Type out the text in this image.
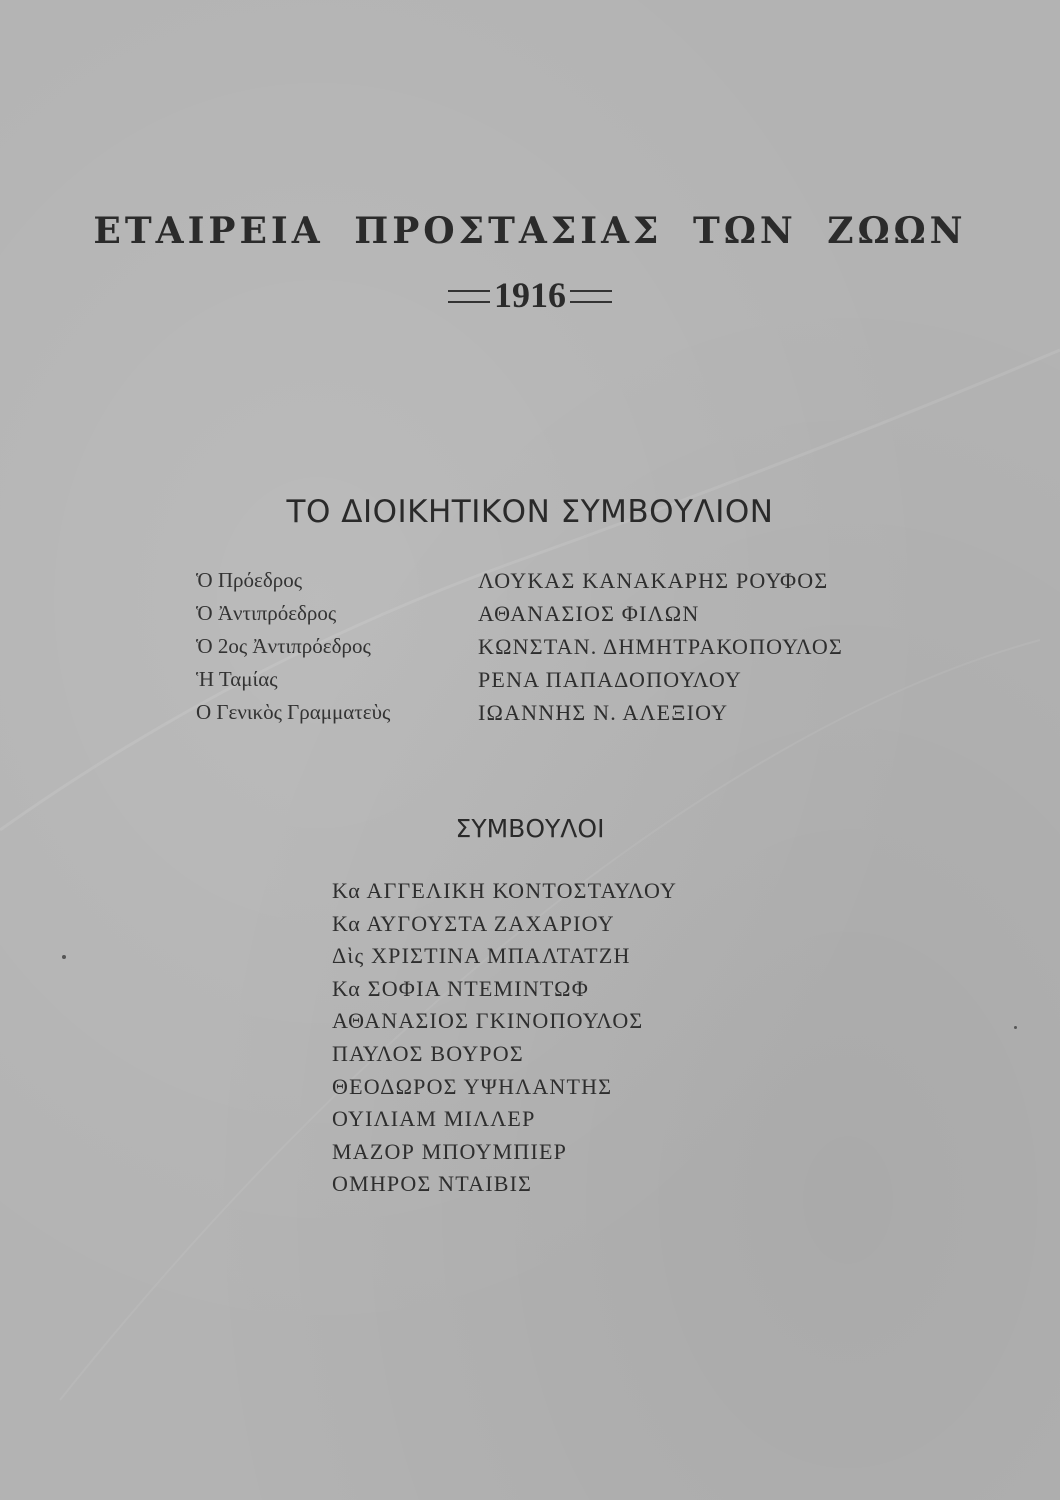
ΕΤΑΙΡΕΙΑ ΠΡΟΣΤΑΣΙΑΣ ΤΩΝ ΖΩΩΝ
1916
ΤΟ ΔΙΟΙΚΗΤΙΚΟΝ ΣΥΜΒΟΥΛΙΟΝ
Ὁ Πρόεδρος	ΛΟΥΚΑΣ ΚΑΝΑΚΑΡΗΣ ΡΟΥΦΟΣ
Ὁ Ἀντιπρόεδρος	ΑΘΑΝΑΣΙΟΣ ΦΙΛΩΝ
Ὁ 2ος Ἀντιπρόεδρος	ΚΩΝΣΤΑΝ. ΔΗΜΗΤΡΑΚΟΠΟΥΛΟΣ
Ἡ Ταμίας	ΡΕΝΑ ΠΑΠΑΔΟΠΟΥΛΟΥ
Ο Γενικὸς Γραμματεὺς	ΙΩΑΝΝΗΣ Ν. ΑΛΕΞΙΟΥ
ΣΥΜΒΟΥΛΟΙ
Κα ΑΓΓΕΛΙΚΗ ΚΟΝΤΟΣΤΑΥΛΟΥ
Κα ΑΥΓΟΥΣΤΑ ΖΑΧΑΡΙΟΥ
Δὶς ΧΡΙΣΤΙΝΑ ΜΠΑΛΤΑΤΖΗ
Κα ΣΟΦΙΑ ΝΤΕΜΙΝΤΩΦ
ΑΘΑΝΑΣΙΟΣ ΓΚΙΝΟΠΟΥΛΟΣ
ΠΑΥΛΟΣ ΒΟΥΡΟΣ
ΘΕΟΔΩΡΟΣ ΥΨΗΛΑΝΤΗΣ
ΟΥΙΛΙΑΜ ΜΙΛΛΕΡ
ΜΑΖΟΡ ΜΠΟΥΜΠΙΕΡ
ΟΜΗΡΟΣ ΝΤΑΙΒΙΣ
